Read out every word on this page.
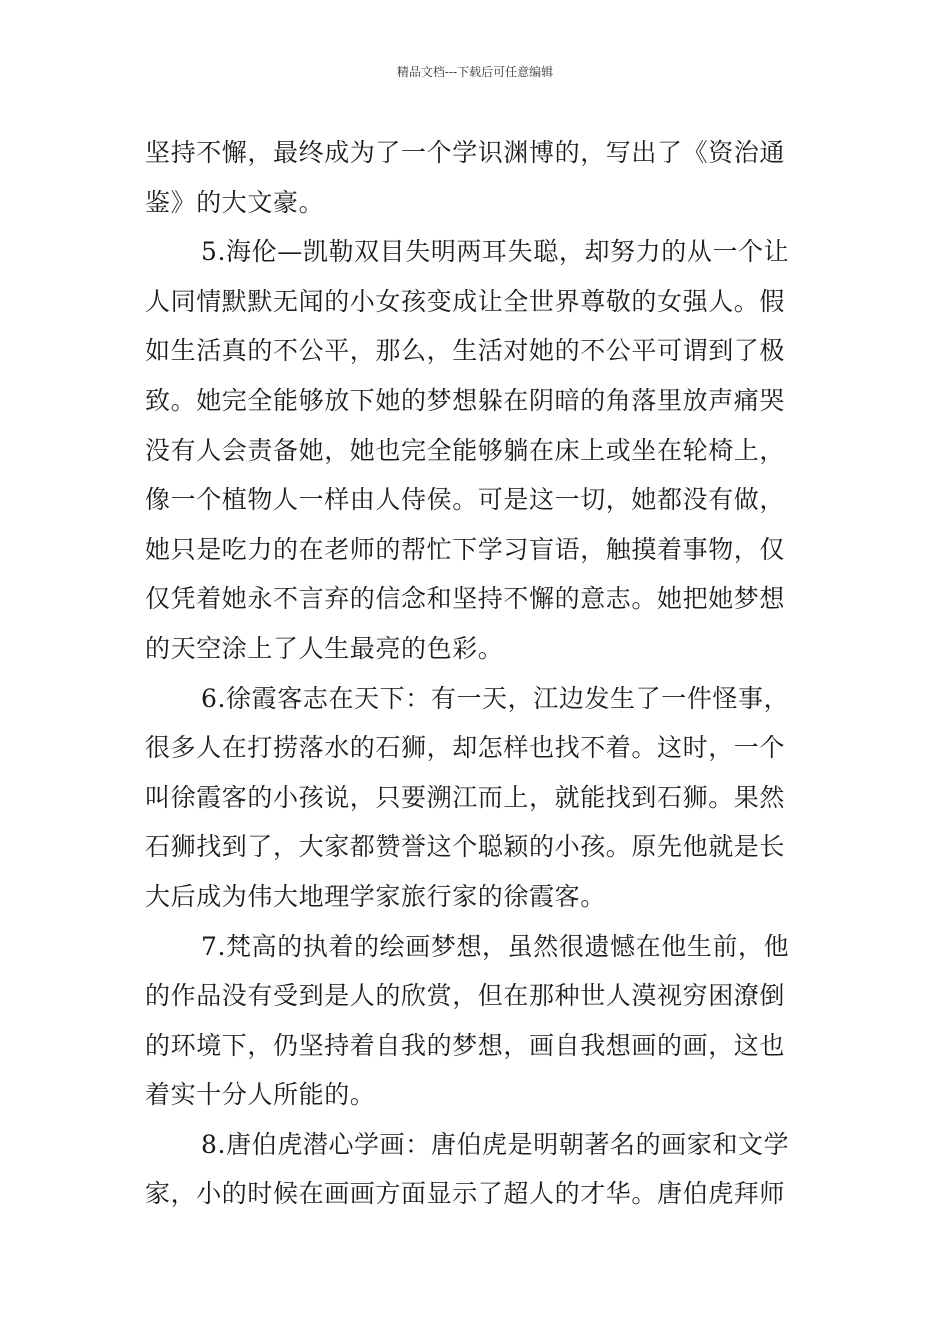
精品文档---下载后可任意编辑
坚持不懈，最终成为了一个学识渊博的，写出了《资治通
鉴》的大文豪。
5.海伦—凯勒双目失明两耳失聪，却努力的从一个让
人同情默默无闻的小女孩变成让全世界尊敬的女强人。假
如生活真的不公平，那么，生活对她的不公平可谓到了极
致。她完全能够放下她的梦想躲在阴暗的角落里放声痛哭
没有人会责备她，她也完全能够躺在床上或坐在轮椅上，
像一个植物人一样由人侍侯。可是这一切，她都没有做，
她只是吃力的在老师的帮忙下学习盲语，触摸着事物，仅
仅凭着她永不言弃的信念和坚持不懈的意志。她把她梦想
的天空涂上了人生最亮的色彩。
6.徐霞客志在天下：有一天，江边发生了一件怪事，
很多人在打捞落水的石狮，却怎样也找不着。这时，一个
叫徐霞客的小孩说，只要溯江而上，就能找到石狮。果然
石狮找到了，大家都赞誉这个聪颖的小孩。原先他就是长
大后成为伟大地理学家旅行家的徐霞客。
7.梵高的执着的绘画梦想，虽然很遗憾在他生前，他
的作品没有受到是人的欣赏，但在那种世人漠视穷困潦倒
的环境下，仍坚持着自我的梦想，画自我想画的画，这也
着实十分人所能的。
8.唐伯虎潜心学画：唐伯虎是明朝著名的画家和文学
家，小的时候在画画方面显示了超人的才华。唐伯虎拜师
